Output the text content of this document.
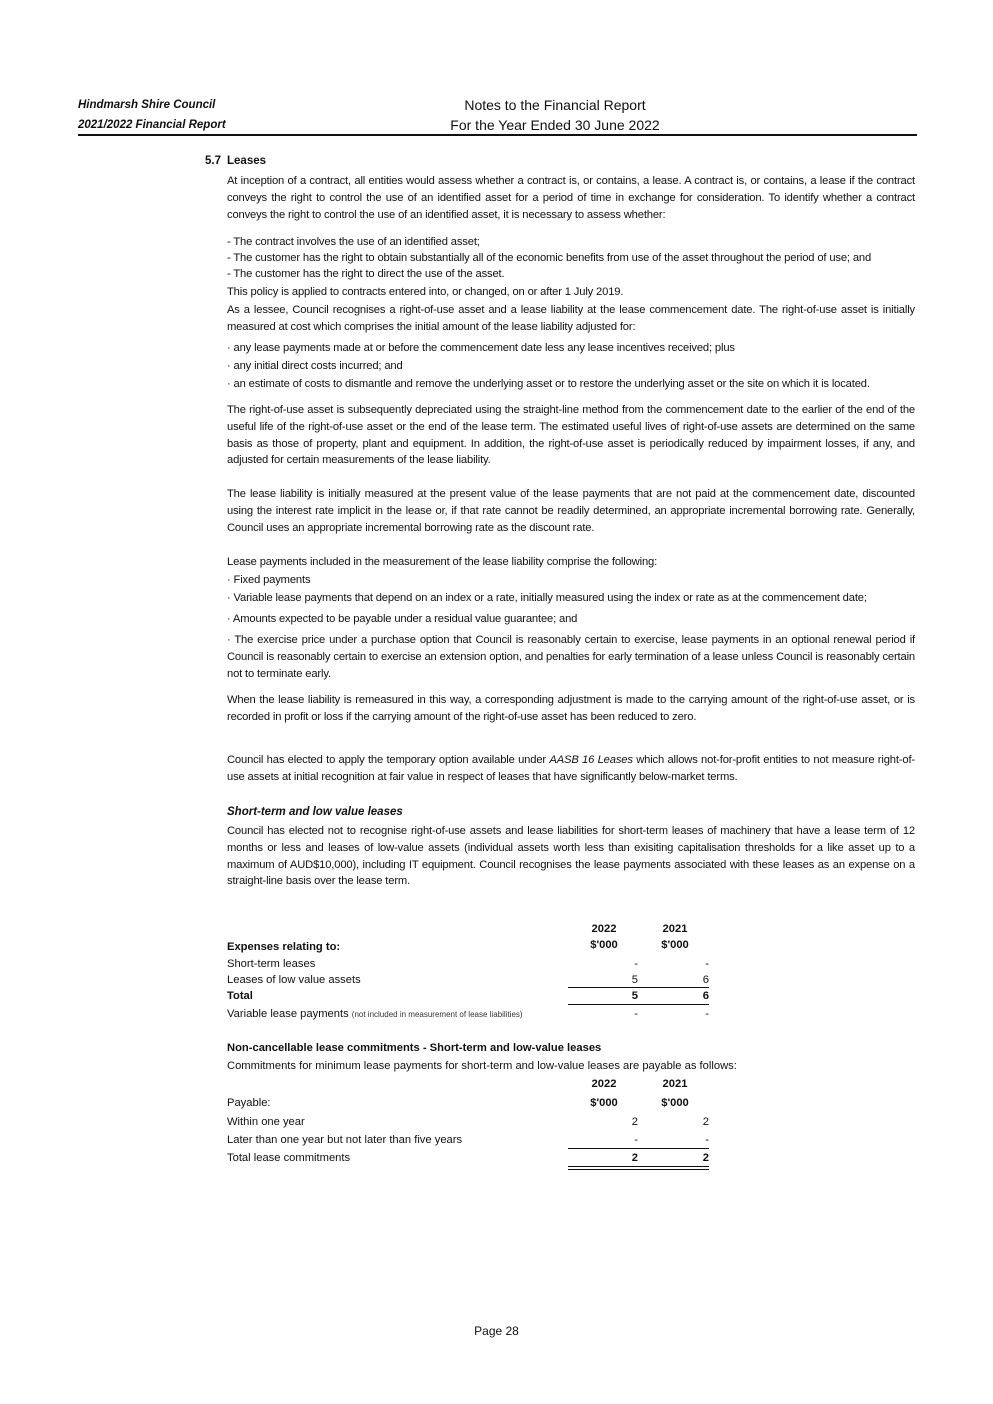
Hindmarsh Shire Council
2021/2022 Financial Report
Notes to the Financial Report
For the Year Ended 30 June 2022
5.7 Leases
At inception of a contract, all entities would assess whether a contract is, or contains, a lease. A contract is, or contains, a lease if the contract conveys the right to control the use of an identified asset for a period of time in exchange for consideration. To identify whether a contract conveys the right to control the use of an identified asset, it is necessary to assess whether:
- The contract involves the use of an identified asset;
- The customer has the right to obtain substantially all of the economic benefits from use of the asset throughout the period of use; and
- The customer has the right to direct the use of the asset.
This policy is applied to contracts entered into, or changed, on or after 1 July 2019.
As a lessee, Council recognises a right-of-use asset and a lease liability at the lease commencement date. The right-of-use asset is initially measured at cost which comprises the initial amount of the lease liability adjusted for:
· any lease payments made at or before the commencement date less any lease incentives received; plus
· any initial direct costs incurred; and
· an estimate of costs to dismantle and remove the underlying asset or to restore the underlying asset or the site on which it is located.
The right-of-use asset is subsequently depreciated using the straight-line method from the commencement date to the earlier of the end of the useful life of the right-of-use asset or the end of the lease term. The estimated useful lives of right-of-use assets are determined on the same basis as those of property, plant and equipment. In addition, the right-of-use asset is periodically reduced by impairment losses, if any, and adjusted for certain measurements of the lease liability.
The lease liability is initially measured at the present value of the lease payments that are not paid at the commencement date, discounted using the interest rate implicit in the lease or, if that rate cannot be readily determined, an appropriate incremental borrowing rate. Generally, Council uses an appropriate incremental borrowing rate as the discount rate.
Lease payments included in the measurement of the lease liability comprise the following:
· Fixed payments
· Variable lease payments that depend on an index or a rate, initially measured using the index or rate as at the commencement date;
· Amounts expected to be payable under a residual value guarantee; and
· The exercise price under a purchase option that Council is reasonably certain to exercise, lease payments in an optional renewal period if Council is reasonably certain to exercise an extension option, and penalties for early termination of a lease unless Council is reasonably certain not to terminate early.
When the lease liability is remeasured in this way, a corresponding adjustment is made to the carrying amount of the right-of-use asset, or is recorded in profit or loss if the carrying amount of the right-of-use asset has been reduced to zero.
Council has elected to apply the temporary option available under AASB 16 Leases which allows not-for-profit entities to not measure right-of-use assets at initial recognition at fair value in respect of leases that have significantly below-market terms.
Short-term and low value leases
Council has elected not to recognise right-of-use assets and lease liabilities for short-term leases of machinery that have a lease term of 12 months or less and leases of low-value assets (individual assets worth less than exisiting capitalisation thresholds for a like asset up to a maximum of AUD$10,000), including IT equipment. Council recognises the lease payments associated with these leases as an expense on a straight-line basis over the lease term.
2022	2021
Expenses relating to:	$'000	$'000
Short-term leases	-	-
Leases of low value assets	5	6
Total	5	6
Variable lease payments (not included in measurement of lease liabilities)	-	-
Non-cancellable lease commitments - Short-term and low-value leases
Commitments for minimum lease payments for short-term and low-value leases are payable as follows:
2022	2021
Payable:	$'000	$'000
Within one year	2	2
Later than one year but not later than five years	-	-
Total lease commitments	2	2
Page 28
